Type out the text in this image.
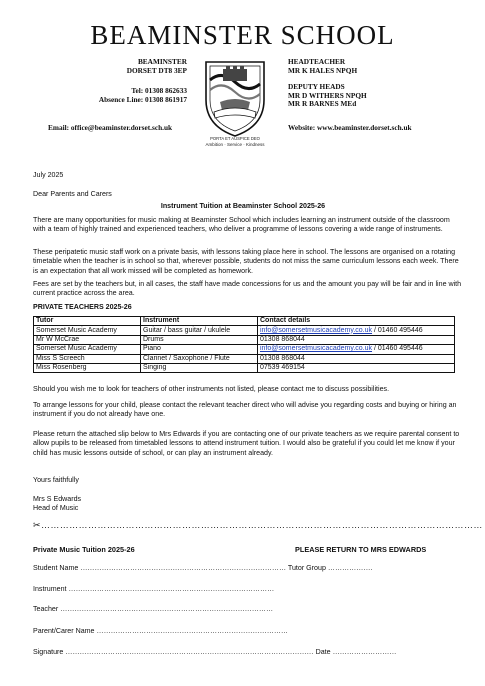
BEAMINSTER SCHOOL
BEAMINSTER
DORSET DT8 3EP
Tel: 01308 862633
Absence Line: 01308 861917
Email: office@beaminster.dorset.sch.uk
HEADTEACHER
MR K HALES NPQH
DEPUTY HEADS
MR D WITHERS NPQH
MR R BARNES MEd
Website: www.beaminster.dorset.sch.uk
PORTA ET AUSPICE DEO
Ambition · Service · Kindness
July 2025
Dear Parents and Carers
Instrument Tuition at Beaminster School 2025-26
There are many opportunities for music making at Beaminster School which includes learning an instrument outside of the classroom with a team of highly trained and experienced teachers, who deliver a programme of lessons covering a wide range of instruments.
These peripatetic music staff work on a private basis, with lessons taking place here in school. The lessons are organised on a rotating timetable when the teacher is in school so that, wherever possible, students do not miss the same curriculum lessons each week. There is an expectation that all work missed will be completed as homework.
Fees are set by the teachers but, in all cases, the staff have made concessions for us and the amount you pay will be fair and in line with current practice across the area.
PRIVATE TEACHERS 2025-26
Tutor	Instrument	Contact details
Somerset Music Academy	Guitar / bass guitar / ukulele	info@somersetmusicacademy.co.uk / 01460 495446
Mr W McCrae	Drums	01308 868044
Somerset Music Academy	Piano	info@somersetmusicacademy.co.uk / 01460 495446
Miss S Screech	Clarinet / Saxophone / Flute	01308 868044
Miss Rosenberg	Singing	07539 469154
Should you wish me to look for teachers of other instruments not listed, please contact me to discuss possibilities.
To arrange lessons for your child, please contact the relevant teacher direct who will advise you regarding costs and buying or hiring an instrument if you do not already have one.
Please return the attached slip below to Mrs Edwards if you are contacting one of our private teachers as we require parental consent to allow pupils to be released from timetabled lessons to attend instrument tuition. I would also be grateful if you could let me know if your child has music lessons outside of school, or can play an instrument already.
Yours faithfully
Mrs S Edwards
Head of Music
✂……………………………………………………………………………………………………………………………
Private Music Tuition 2025-26	PLEASE RETURN TO MRS EDWARDS
Student Name …………………………………………………………………………… Tutor Group ……………….
Instrument ……………………………………………………………………………
Teacher ………………………………………………………………………………
Parent/Carer Name ………………………………………………………………………
Signature …………………………………………………………………………………………… Date ………………………
